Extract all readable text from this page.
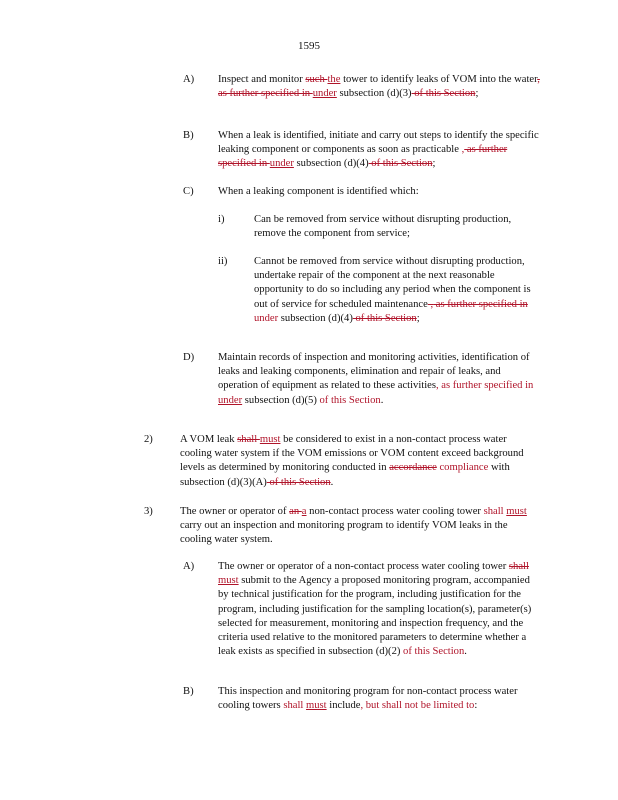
1595
A) Inspect and monitor such the tower to identify leaks of VOM into the water, as further specified in under subsection (d)(3) of this Section;
B) When a leak is identified, initiate and carry out steps to identify the specific leaking component or components as soon as practicable , as further specified in under subsection (d)(4) of this Section;
C) When a leaking component is identified which:
i)	Can be removed from service without disrupting production, remove the component from service;
ii)	Cannot be removed from service without disrupting production, undertake repair of the component at the next reasonable opportunity to do so including any period when the component is out of service for scheduled maintenance , as further specified in under subsection (d)(4) of this Section;
D) Maintain records of inspection and monitoring activities, identification of leaks and leaking components, elimination and repair of leaks, and operation of equipment as related to these activities, as further specified in under subsection (d)(5) of this Section.
2)	A VOM leak shall must be considered to exist in a non-contact process water cooling water system if the VOM emissions or VOM content exceed background levels as determined by monitoring conducted in accordance compliance with subsection (d)(3)(A) of this Section.
3)	The owner or operator of an a non-contact process water cooling tower shall must carry out an inspection and monitoring program to identify VOM leaks in the cooling water system.
A) The owner or operator of a non-contact process water cooling tower shall must submit to the Agency a proposed monitoring program, accompanied by technical justification for the program, including justification for the program, including justification for the sampling location(s), parameter(s) selected for measurement, monitoring and inspection frequency, and the criteria used relative to the monitored parameters to determine whether a leak exists as specified in subsection (d)(2) of this Section.
B) This inspection and monitoring program for non-contact process water cooling towers shall must include, but shall not be limited to:
